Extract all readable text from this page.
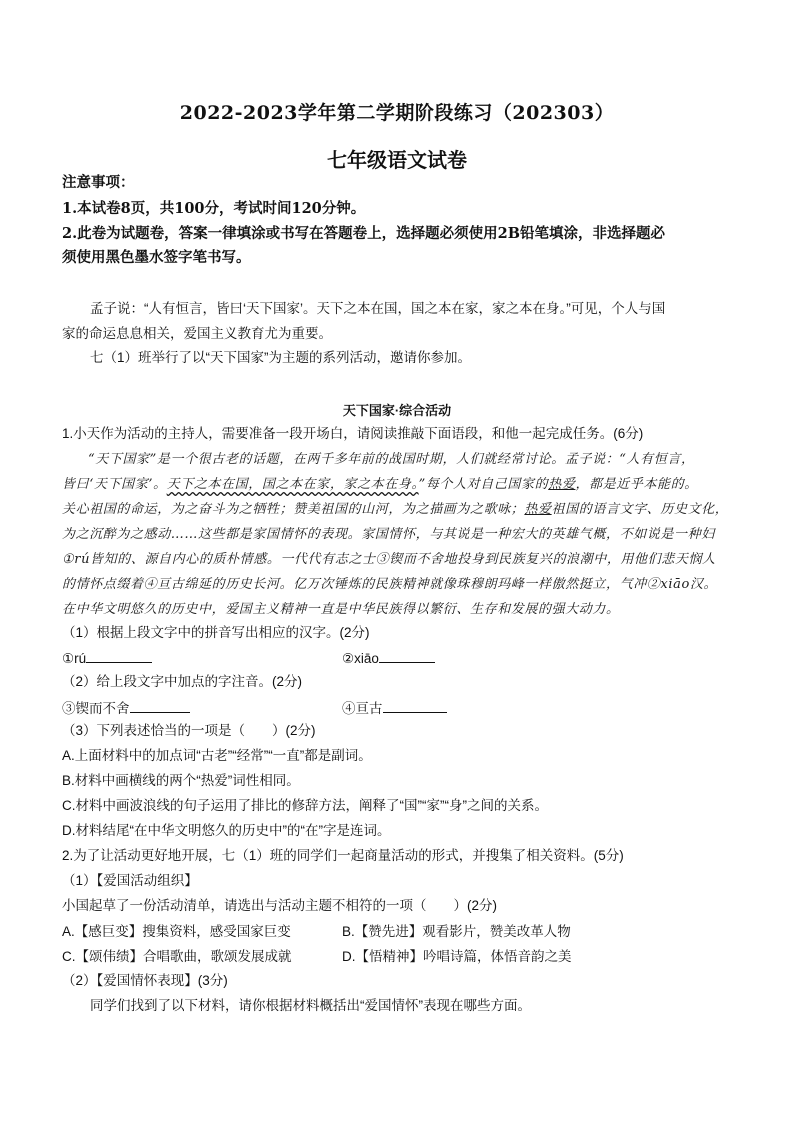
2022-2023学年第二学期阶段练习（202303）
七年级语文试卷
注意事项：
1.本试卷8页，共100分，考试时间120分钟。
2.此卷为试题卷，答案一律填涂或书写在答题卷上，选择题必须使用2B铅笔填涂，非选择题必
须使用黑色墨水签字笔书写。
孟子说：“人有恒言，皆曰‘天下国家’。天下之本在国，国之本在家，家之本在身。”可见，个人与国
家的命运息息相关，爱国主义教育尤为重要。
七（1）班举行了以“天下国家”为主题的系列活动，邀请你参加。
天下国家·综合活动
1.小天作为活动的主持人，需要准备一段开场白，请阅读推敲下面语段，和他一起完成任务。(6分)
“天下国家”是一个很古老的话题，在两千多年前的战国时期，人们就经常讨论。孟子说：“人有恒言，
皆曰‘天下国家’。天下之本在国，国之本在家，家之本在身。”每个人对自己国家的热爱，都是近乎本能的。
关心祖国的命运，为之奋斗为之牺牲；赞美祖国的山河，为之描画为之歌咏；热爱祖国的语言文字、历史文化，
为之沉醉为之感动……这些都是家国情怀的表现。家国情怀，与其说是一种宏大的英雄气概，不如说是一种妇
①rú皆知的、源自内心的质朴情感。一代代有志之士③锲而不舍地投身到民族复兴的浪潮中，用他们悲天悯人
的情怀点缀着④亘古绵延的历史长河。亿万次锤炼的民族精神就像珠穆朗玛峰一样傲然挺立，气冲②xiāo汉。
在中华文明悠久的历史中，爱国主义精神一直是中华民族得以繁衍、生存和发展的强大动力。
（1）根据上段文字中的拼音写出相应的汉字。(2分)
①rú	②xiāo
（2）给上段文字中加点的字注音。(2分)
③锲而不舍	④亘古
（3）下列表述恰当的一项是（　　）(2分)
A.上面材料中的加点词“古老”“经常”“一直”都是副词。
B.材料中画横线的两个“热爱”词性相同。
C.材料中画波浪线的句子运用了排比的修辞方法，阐释了“国”“家”“身”之间的关系。
D.材料结尾“在中华文明悠久的历史中”的“在”字是连词。
2.为了让活动更好地开展，七（1）班的同学们一起商量活动的形式，并搜集了相关资料。(5分)
（1）【爱国活动组织】
小国起草了一份活动清单，请选出与活动主题不相符的一项（　　）(2分)
A.【感巨变】搜集资料，感受国家巨变	B.【赞先进】观看影片，赞美改革人物
C.【颂伟绩】合唱歌曲，歌颂发展成就	D.【悟精神】吟唱诗篇，体悟音韵之美
（2）【爱国情怀表现】(3分)
同学们找到了以下材料，请你根据材料概括出“爱国情怀”表现在哪些方面。
